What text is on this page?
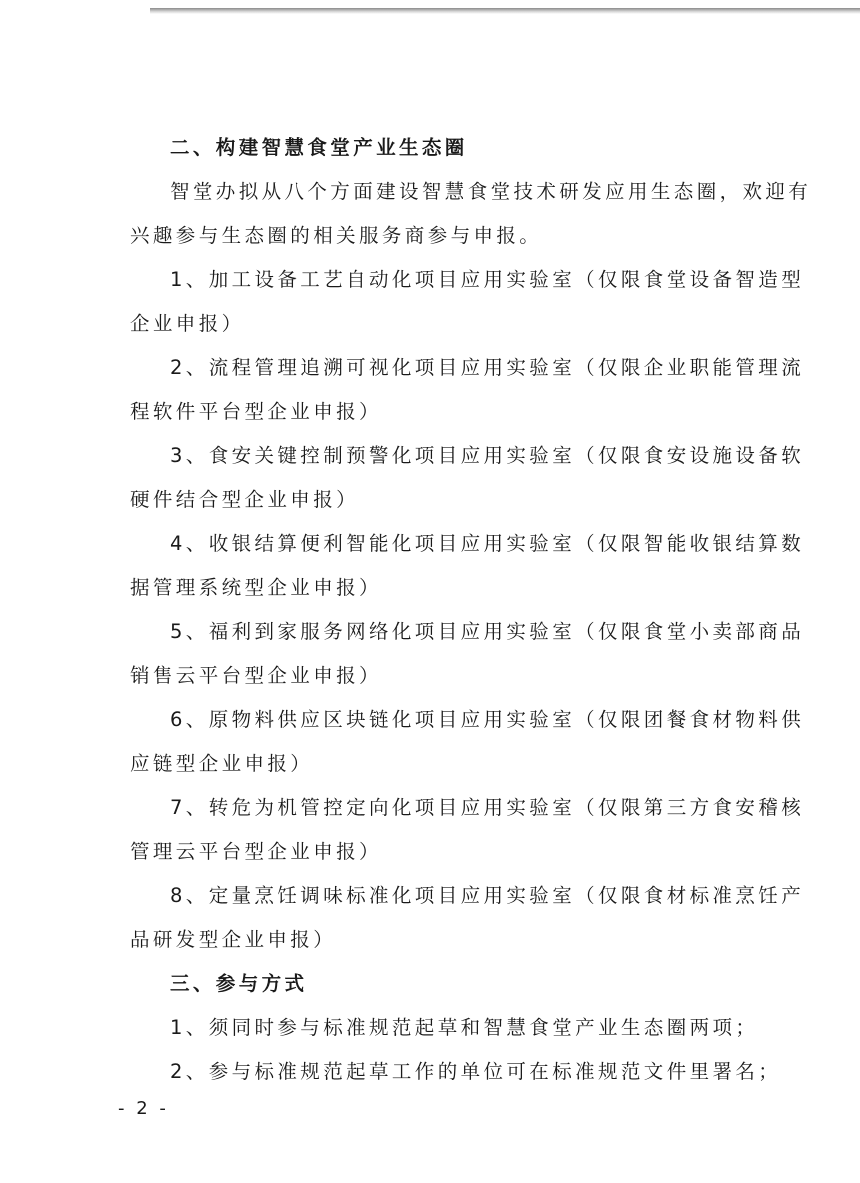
二、构建智慧食堂产业生态圈
智堂办拟从八个方面建设智慧食堂技术研发应用生态圈，欢迎有
兴趣参与生态圈的相关服务商参与申报。
1、加工设备工艺自动化项目应用实验室（仅限食堂设备智造型
企业申报）
2、流程管理追溯可视化项目应用实验室（仅限企业职能管理流
程软件平台型企业申报）
3、食安关键控制预警化项目应用实验室（仅限食安设施设备软
硬件结合型企业申报）
4、收银结算便利智能化项目应用实验室（仅限智能收银结算数
据管理系统型企业申报）
5、福利到家服务网络化项目应用实验室（仅限食堂小卖部商品
销售云平台型企业申报）
6、原物料供应区块链化项目应用实验室（仅限团餐食材物料供
应链型企业申报）
7、转危为机管控定向化项目应用实验室（仅限第三方食安稽核
管理云平台型企业申报）
8、定量烹饪调味标准化项目应用实验室（仅限食材标准烹饪产
品研发型企业申报）
三、参与方式
1、须同时参与标准规范起草和智慧食堂产业生态圈两项；
2、参与标准规范起草工作的单位可在标准规范文件里署名；
- 2 -
